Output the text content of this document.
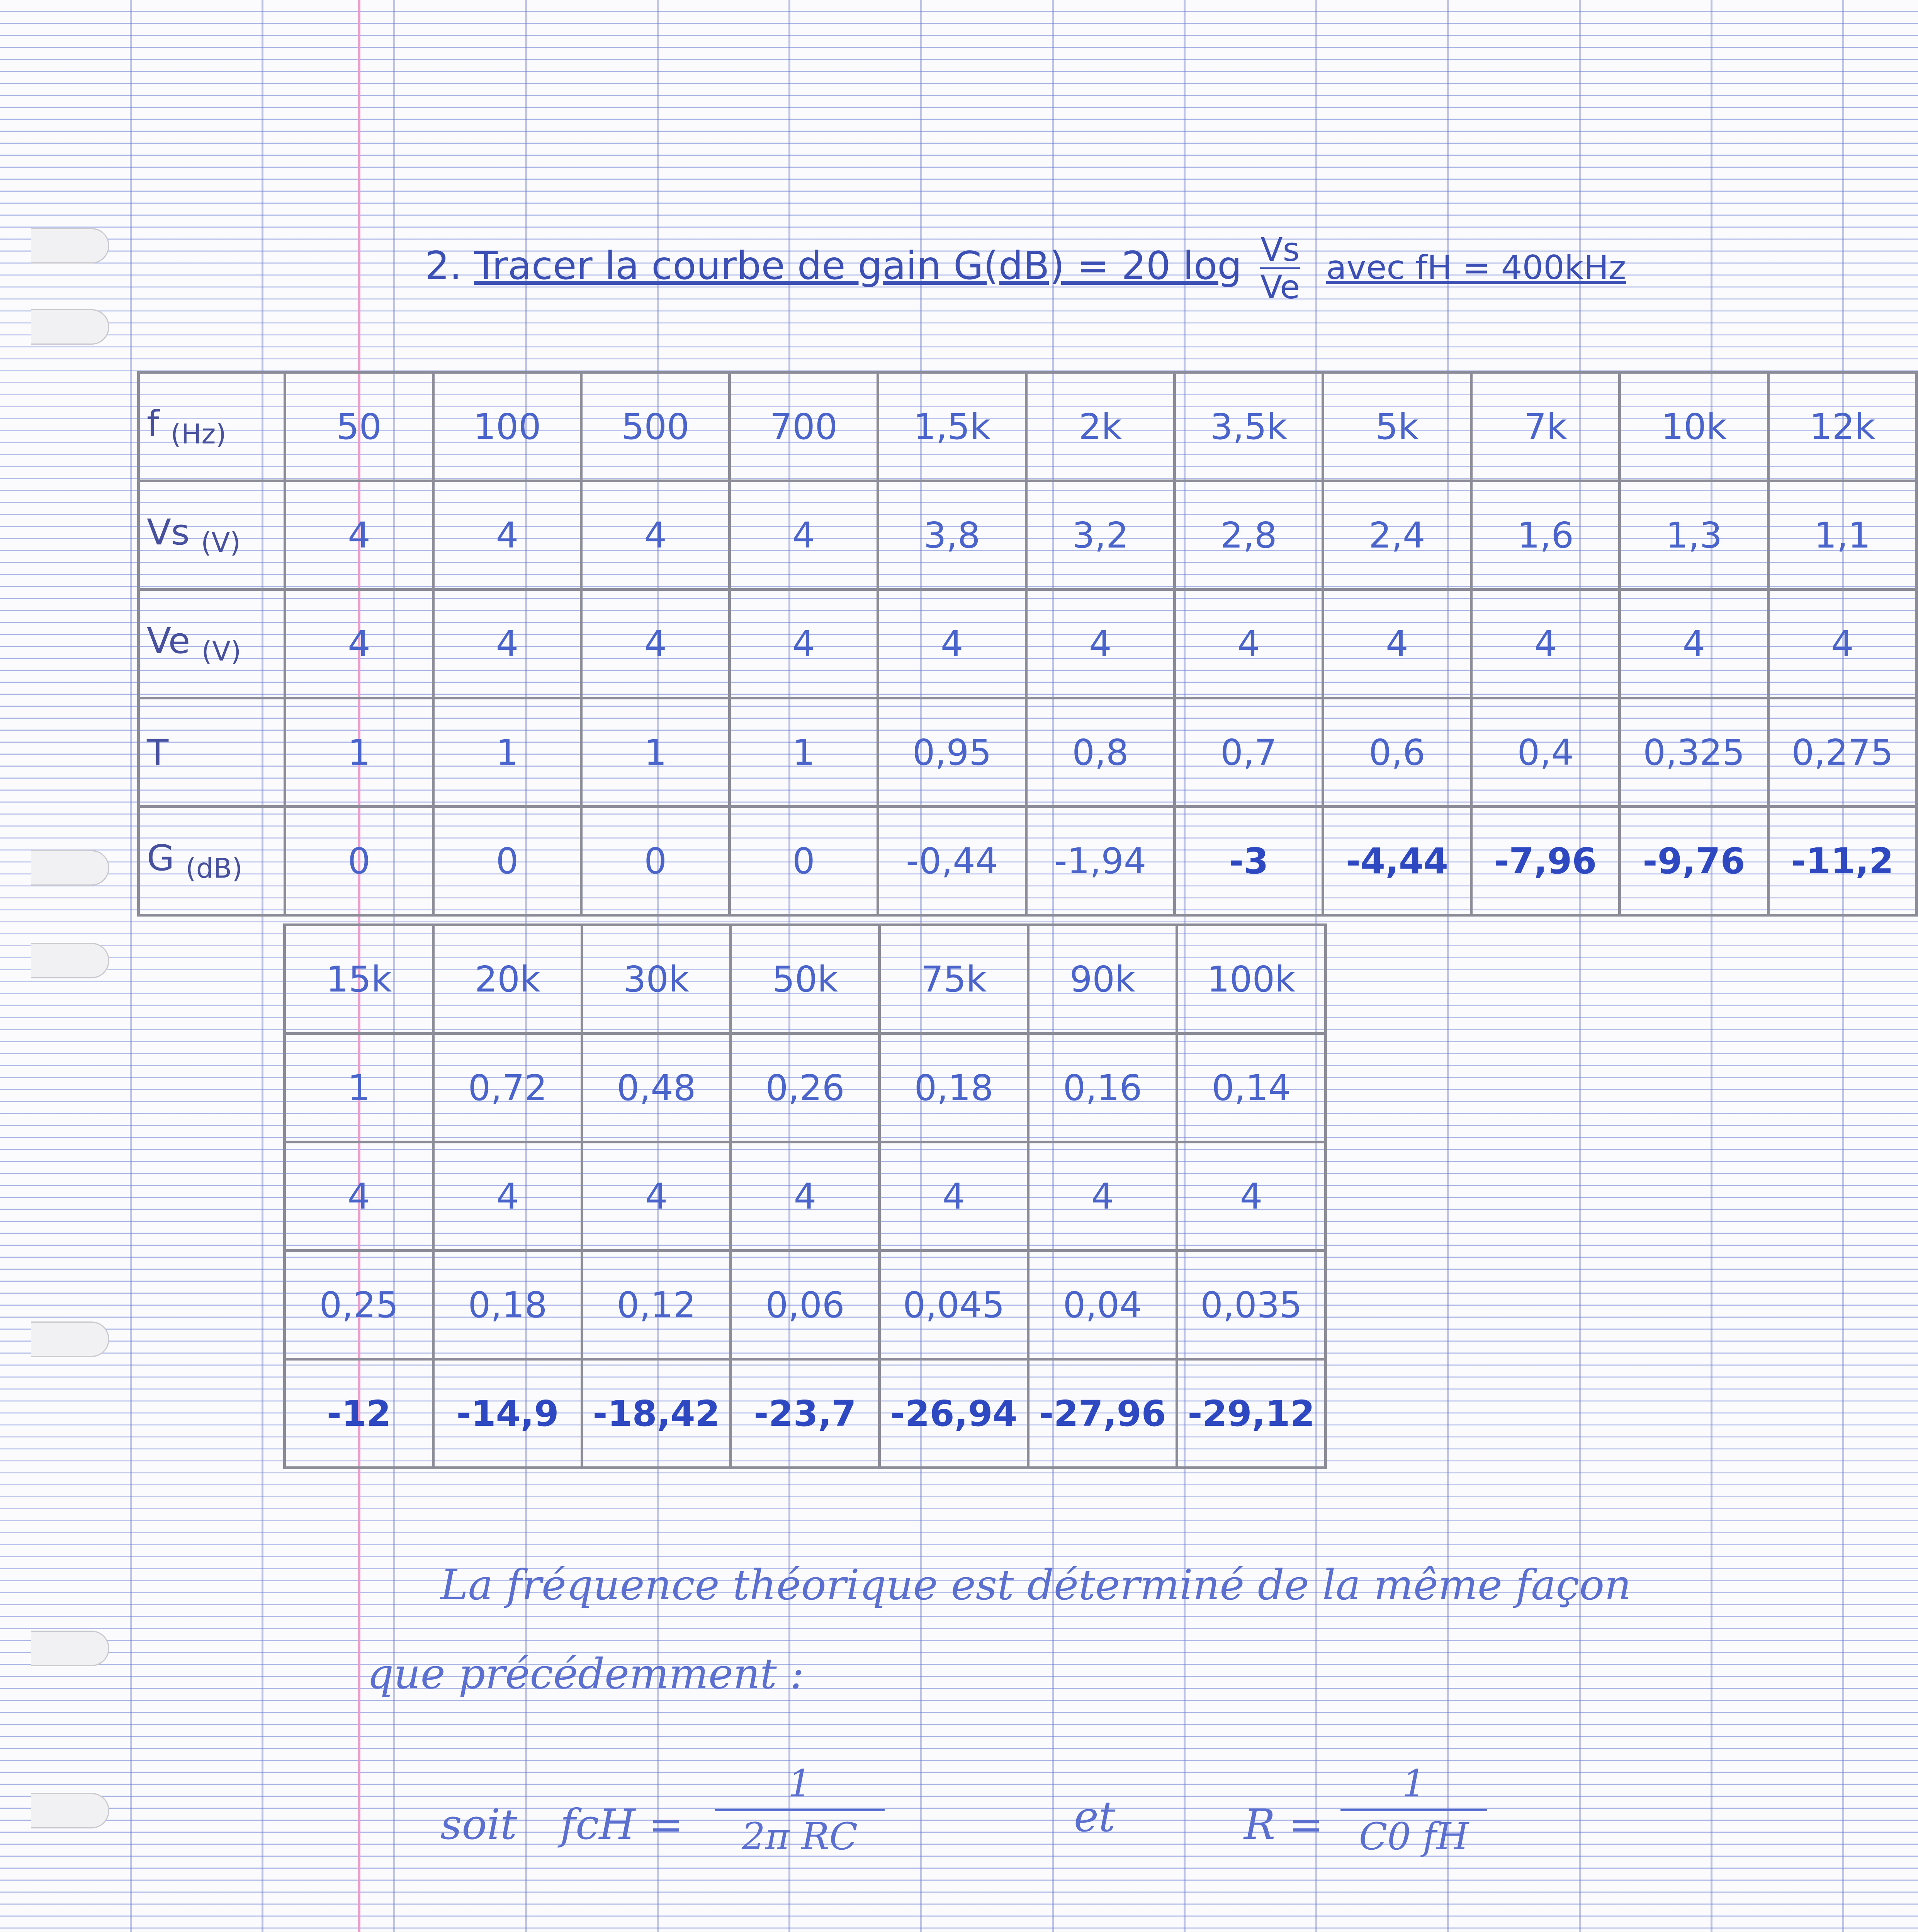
2. Tracer la courbe de gain G(dB) = 20 $\log \frac{Vs}{Ve}$ avec fH = 400kHz
f $_{(Hz)}$	50	100	500	700	1,5k	2k	3,5k	5k	7k	10k	12k
Vs $_{(V)}$	4	4	4	4	3,8	3,2	2,8	2,4	1,6	1,3	1,1
Ve $_{(V)}$	4	4	4	4	4	4	4	4	4	4	4
T	1	1	1	1	0,95	0,8	0,7	0,6	0,4	0,325	0,275
G $_{(dB)}$	0	0	0	0	-0,44	-1,94	-3	-4,44	-7,96	-9,76	-11,2
15k	20k	30k	50k	75k	90k	100k
1	0,72	0,48	0,26	0,18	0,16	0,14
4	4	4	4	4	4	4
0,25	0,18	0,12	0,06	0,045	0,04	0,035
-12	-14,9	-18,42	-23,7	-26,94	-27,96	-29,12
La fréquence théorique est déterminé de la même façon
que précédemment :
soit fcH = $\frac{1}{\text{2π RC}}$	et	$R = \frac{1}{C0 fH}$
